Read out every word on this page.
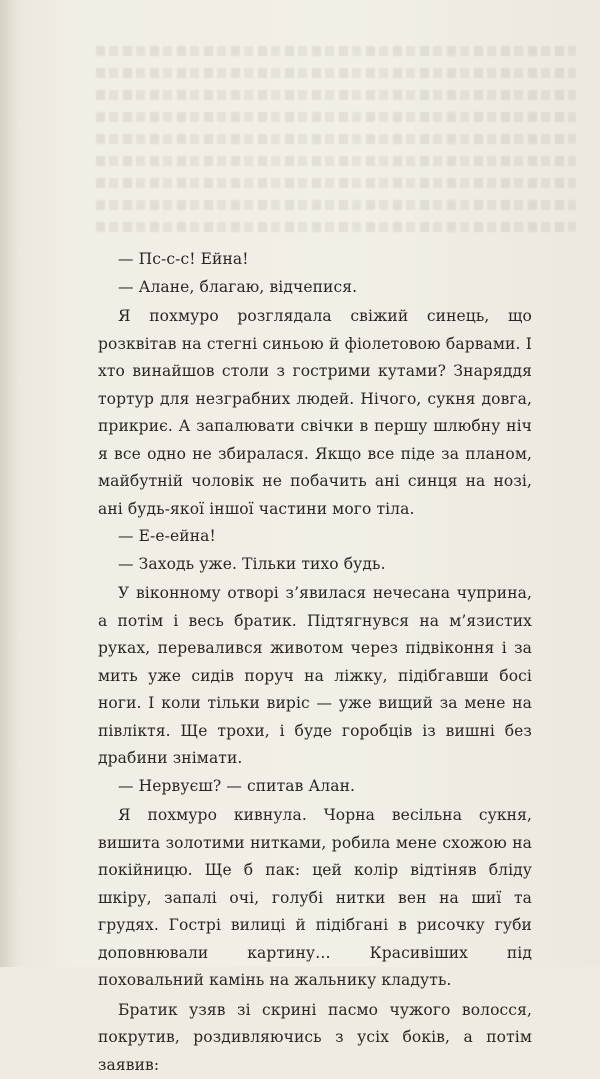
— Пс-с-с! Ейна!

— Алане, благаю, відчепися.

Я похмуро розглядала свіжий синець, що розквітав на стегні синьою й фіолетовою барвами. І хто винайшов столи з гострими кутами? Знаряддя тортур для незграбних людей. Нічого, сукня довга, прикриє. А запалювати свічки в першу шлюбну ніч я все одно не збиралася. Якщо все піде за планом, майбутній чоловік не побачить ані синця на нозі, ані будь-якої іншої частини мого тіла.

— Е-е-ейна!

— Заходь уже. Тільки тихо будь.

У віконному отворі з’явилася нечесана чуприна, а потім і весь братик. Підтягнувся на м’язистих руках, перевалився животом через підвіконня і за мить уже сидів поруч на ліжку, підібгавши босі ноги. І коли тільки виріс — уже вищий за мене на півліктя. Ще трохи, і буде горобців із вишні без драбини знімати.

— Нервуєш? — спитав Алан.

Я похмуро кивнула. Чорна весільна сукня, вишита золотими нитками, робила мене схожою на покійницю. Ще б пак: цей колір відтіняв бліду шкіру, запалі очі, голубі нитки вен на шиї та грудях. Гострі вилиці й підібгані в рисочку губи доповнювали картину… Красивіших під поховальний камінь на жальнику кладуть.

Братик узяв зі скрині пасмо чужого волосся, покрутив, роздивляючись з усіх боків, а потім заявив:
